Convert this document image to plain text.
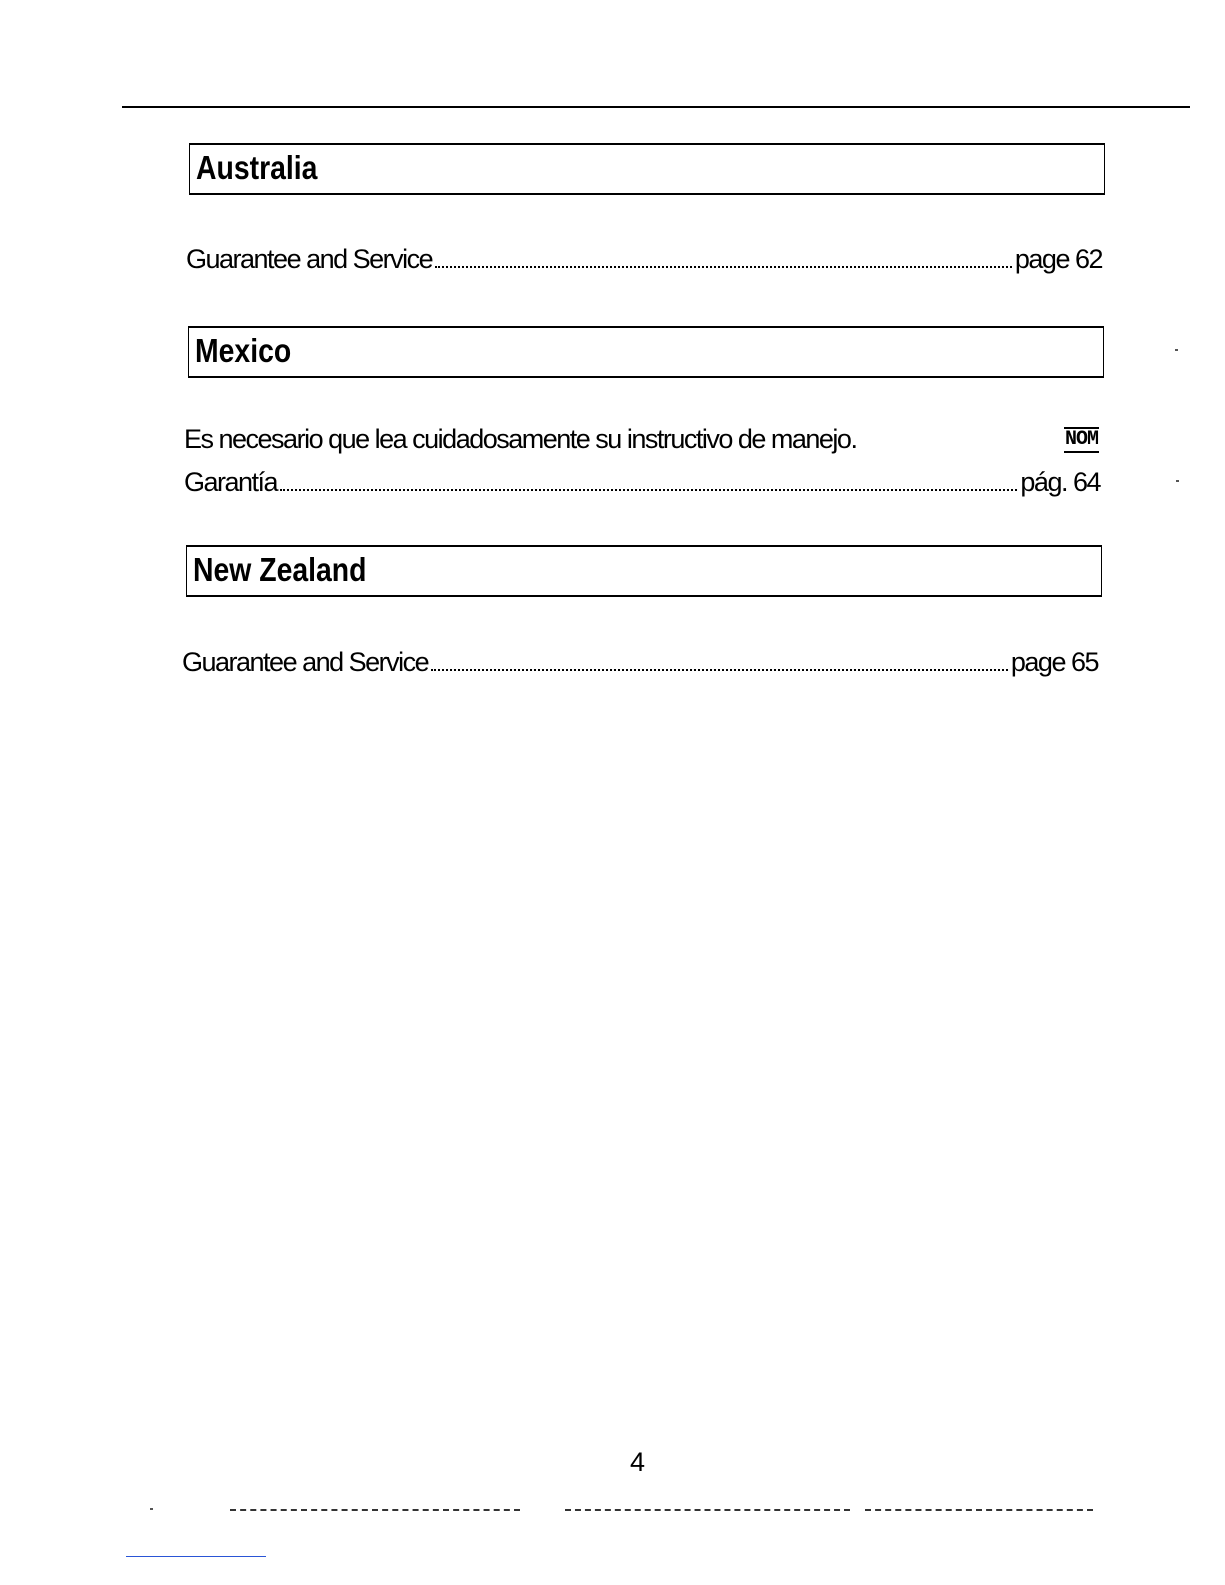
Australia
Guarantee and Service	page 62
Mexico
Es necesario que lea cuidadosamente su instructivo de manejo.	NOM
Garantía	pág. 64
New Zealand
Guarantee and Service	page 65
4
